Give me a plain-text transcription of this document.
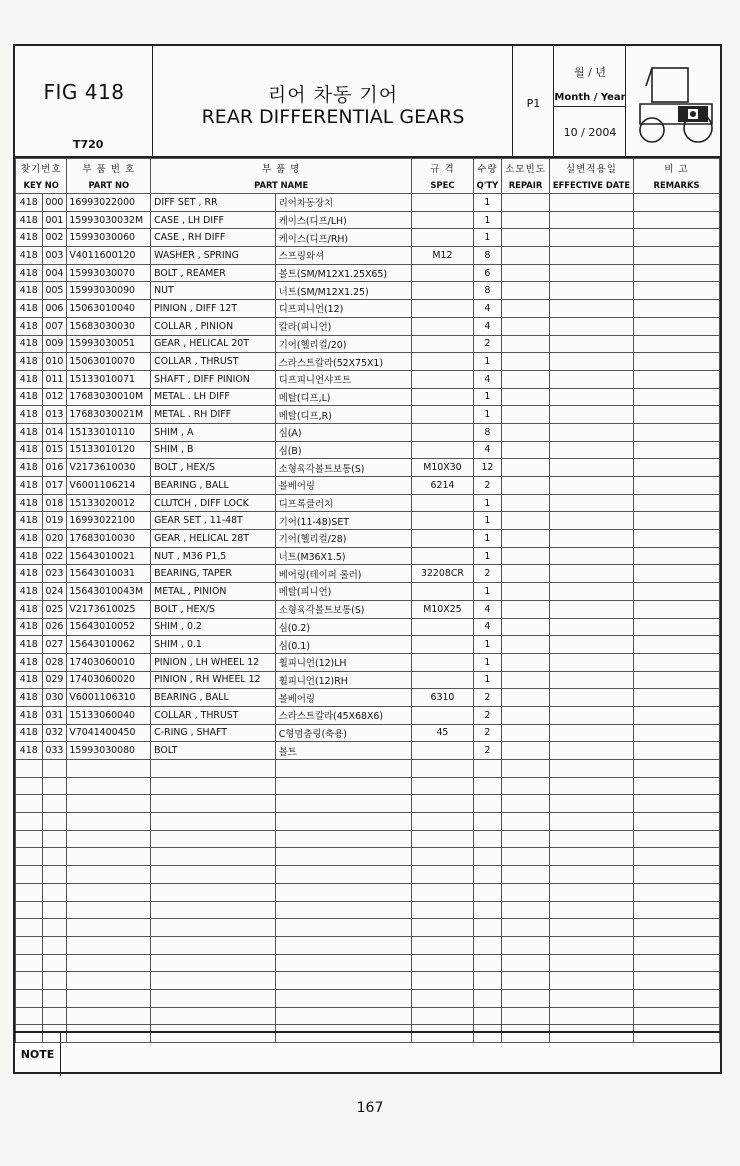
FIG 418
T720
리어 차동 기어
REAR DIFFERENTIAL GEARS
P1
월 / 년
Month / Year
10 / 2004
찾기번호		부 품 번 호	부 품 명		규 격	수량	소모빈도	실변적용일	비 고
KEY NO		PART NO	PART NAME		SPEC	Q'TY	REPAIR	EFFECTIVE DATE	REMARKS
418	000	16993022000	DIFF SET , RR	리어차동장치		1			
418	001	15993030032M	CASE , LH DIFF	케이스(디프/LH)		1			
418	002	15993030060	CASE , RH DIFF	케이스(디프/RH)		1			
418	003	V4011600120	WASHER , SPRING	스프링와셔	M12	8			
418	004	15993030070	BOLT , REAMER	볼트(SM/M12X1.25X65)		6			
418	005	15993030090	NUT	너트(SM/M12X1.25)		8			
418	006	15063010040	PINION , DIFF 12T	디프피니언(12)		4			
418	007	15683030030	COLLAR , PINION	칼라(피니언)		4			
418	009	15993030051	GEAR , HELICAL 20T	기어(헬리컬/20)		2			
418	010	15063010070	COLLAR , THRUST	스라스트칼라(52X75X1)		1			
418	011	15133010071	SHAFT , DIFF PINION	디프피니언샤프트		4			
418	012	17683030010M	METAL . LH DIFF	메탈(디프,L)		1			
418	013	17683030021M	METAL . RH DIFF	메탈(디프,R)		1			
418	014	15133010110	SHIM , A	심(A)		8			
418	015	15133010120	SHIM , B	심(B)		4			
418	016	V2173610030	BOLT , HEX/S	소형육각볼트보통(S)	M10X30	12			
418	017	V6001106214	BEARING , BALL	볼베어링	6214	2			
418	018	15133020012	CLUTCH , DIFF LOCK	디프록클러치		1			
418	019	16993022100	GEAR SET , 11-48T	기어(11-48)SET		1			
418	020	17683010030	GEAR , HELICAL 28T	기어(헬리컬/28)		1			
418	022	15643010021	NUT , M36 P1,5	너트(M36X1.5)		1			
418	023	15643010031	BEARING, TAPER	베어링(테이퍼 롤러)	32208CR	2			
418	024	15643010043M	METAL , PINION	메탈(피니언)		1			
418	025	V2173610025	BOLT , HEX/S	소형육각볼트보통(S)	M10X25	4			
418	026	15643010052	SHIM , 0.2	심(0.2)		4			
418	027	15643010062	SHIM , 0.1	심(0.1)		1			
418	028	17403060010	PINION , LH WHEEL 12	휠피니언(12)LH		1			
418	029	17403060020	PINION , RH WHEEL 12	휠피니언(12)RH		1			
418	030	V6001106310	BEARING , BALL	볼베어링	6310	2			
418	031	15133060040	COLLAR , THRUST	스라스트칼라(45X68X6)		2			
418	032	V7041400450	C-RING , SHAFT	C형멈춤링(축용)	45	2			
418	033	15993030080	BOLT	볼트		2			

NOTE
167
